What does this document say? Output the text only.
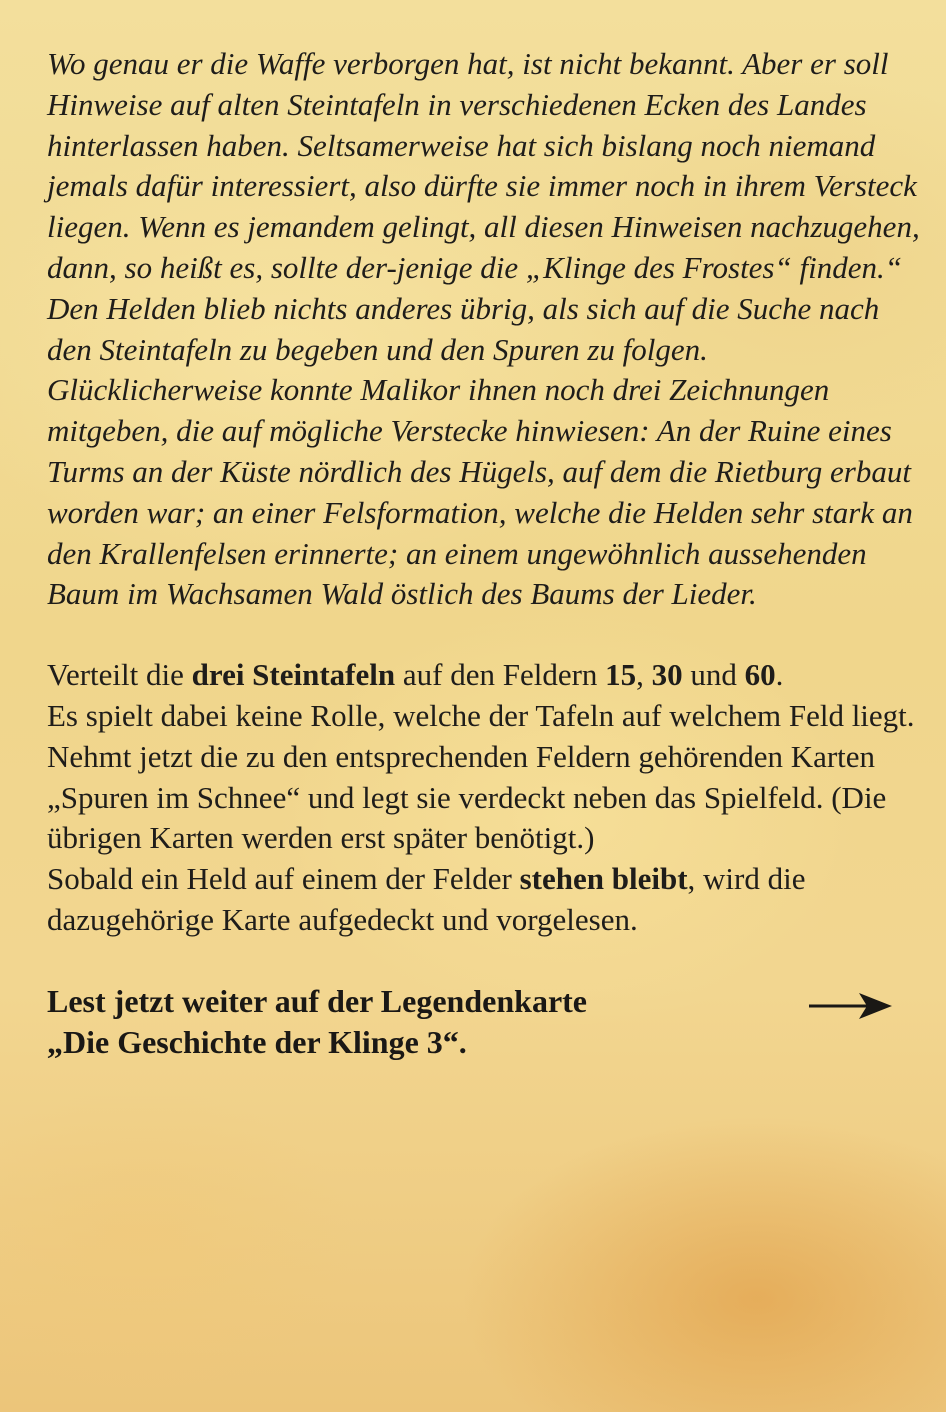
Wo genau er die Waffe verborgen hat, ist nicht bekannt. Aber er soll Hinweise auf alten Steintafeln in verschiedenen Ecken des Landes hinterlassen haben. Seltsamerweise hat sich bislang noch niemand jemals dafür interessiert, also dürfte sie immer noch in ihrem Versteck liegen. Wenn es jemandem gelingt, all diesen Hinweisen nachzugehen, dann, so heißt es, sollte der-jenige die „Klinge des Frostes“ finden.“

Den Helden blieb nichts anderes übrig, als sich auf die Suche nach den Steintafeln zu begeben und den Spuren zu folgen. Glücklicherweise konnte Malikor ihnen noch drei Zeichnungen mitgeben, die auf mögliche Verstecke hinwiesen: An der Ruine eines Turms an der Küste nördlich des Hügels, auf dem die Rietburg erbaut worden war; an einer Felsformation, welche die Helden sehr stark an den Krallenfelsen erinnerte; an einem ungewöhnlich aussehenden Baum im Wachsamen Wald östlich des Baums der Lieder.

Verteilt die drei Steintafeln auf den Feldern 15, 30 und 60.

Es spielt dabei keine Rolle, welche der Tafeln auf welchem Feld liegt.

Nehmt jetzt die zu den entsprechenden Feldern gehörenden Karten „Spuren im Schnee“ und legt sie verdeckt neben das Spielfeld. (Die übrigen Karten werden erst später benötigt.)

Sobald ein Held auf einem der Felder stehen bleibt, wird die dazugehörige Karte aufgedeckt und vorgelesen.

Lest jetzt weiter auf der Legendenkarte

„Die Geschichte der Klinge 3“.
